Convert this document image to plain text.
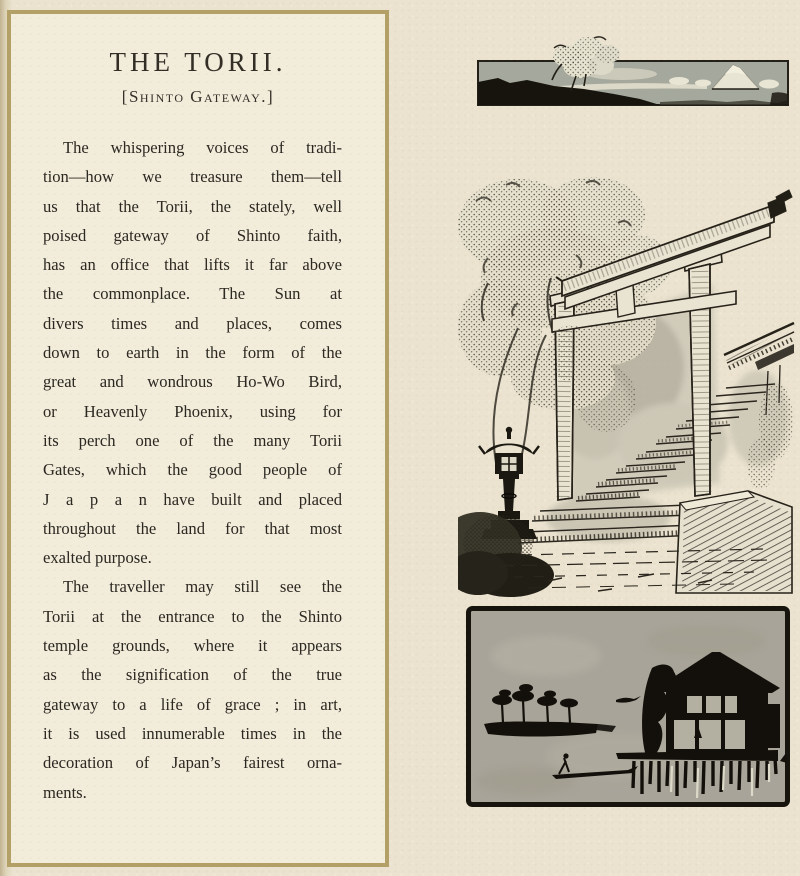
THE TORII.
[Shinto Gateway.]
The whispering voices of tradi-
tion—how we treasure them—tell
us that the Torii, the stately, well
poised gateway of Shinto faith,
has an office that lifts it far above
the commonplace. The Sun at
divers times and places, comes
down to earth in the form of the
great and wondrous Ho-Wo Bird,
or Heavenly Phoenix, using for
its perch one of the many Torii
Gates, which the good people of
J a p a n have built and placed
throughout the land for that most
exalted purpose.
The traveller may still see the
Torii at the entrance to the Shinto
temple grounds, where it appears
as the signification of the true
gateway to a life of grace ; in art,
it is used innumerable times in the
decoration of Japan’s fairest orna-
ments.
